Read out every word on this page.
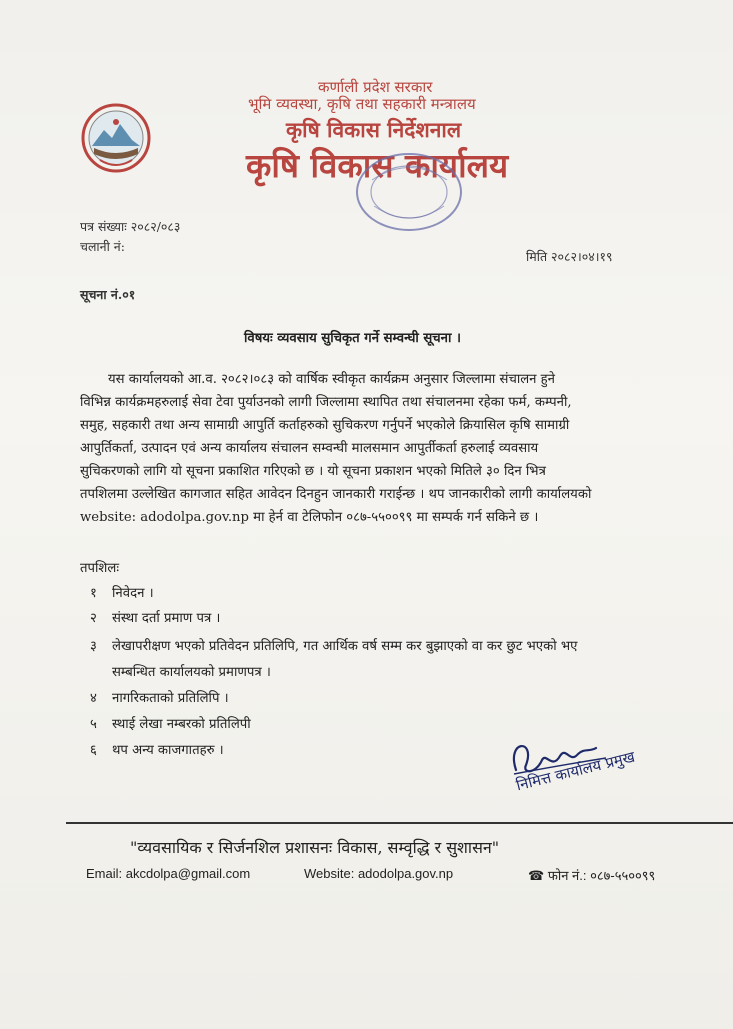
कर्णाली प्रदेश सरकार
भूमि व्यवस्था, कृषि तथा सहकारी मन्त्रालय
कृषि विकास निर्देशनाल
कृषि विकास कार्यालय
पत्र संख्याः २०८२/०८३
चलानी नं:
मिति २०८२।०४।१९
सूचना नं.०१
विषयः व्यवसाय सुचिकृत गर्ने सम्वन्घी सूचना ।
यस कार्यालयको आ.व. २०८२।०८३ को वार्षिक स्वीकृत कार्यक्रम अनुसार जिल्लामा संचालन हुने
विभिन्न कार्यक्रमहरुलाई सेवा टेवा पुर्याउनको लागी जिल्लामा स्थापित तथा संचालनमा रहेका फर्म, कम्पनी,
समुह, सहकारी तथा अन्य सामाग्री आपुर्ति कर्ताहरुको सुचिकरण गर्नुपर्ने भएकोले क्रियासिल कृषि सामाग्री
आपुर्तिकर्ता, उत्पादन एवं अन्य कार्यालय संचालन सम्वन्घी मालसमान आपुर्तीकर्ता हरुलाई व्यवसाय
सुचिकरणको लागि यो सूचना प्रकाशित गरिएको छ । यो सूचना प्रकाशन भएको मितिले ३० दिन भित्र
तपशिलमा उल्लेखित कागजात सहित आवेदन दिनहुन जानकारी गराईन्छ । थप जानकारीको लागी कार्यालयको
website: adodolpa.gov.np मा हेर्न वा टेलिफोन ०८७-५५००९९ मा सम्पर्क गर्न सकिने छ ।
तपशिलः
१ निवेदन ।
२ संस्था दर्ता प्रमाण पत्र ।
३ लेखापरीक्षण भएको प्रतिवेदन प्रतिलिपि, गत आर्थिक वर्ष सम्म कर बुझाएको वा कर छुट भएको भए
सम्बन्धित कार्यालयको प्रमाणपत्र ।
४ नागरिकताको प्रतिलिपि ।
५ स्थाई लेखा नम्बरको प्रतिलिपी
६ थप अन्य काजगातहरु ।	निमित्त कार्यालय प्रमुख
"व्यवसायिक र सिर्जनशिल प्रशासनः विकास, सम्वृद्धि र सुशासन"
Email: akcdolpa@gmail.com	Website: adodolpa.gov.np	☎ फोन नं.: ०८७-५५००९९
